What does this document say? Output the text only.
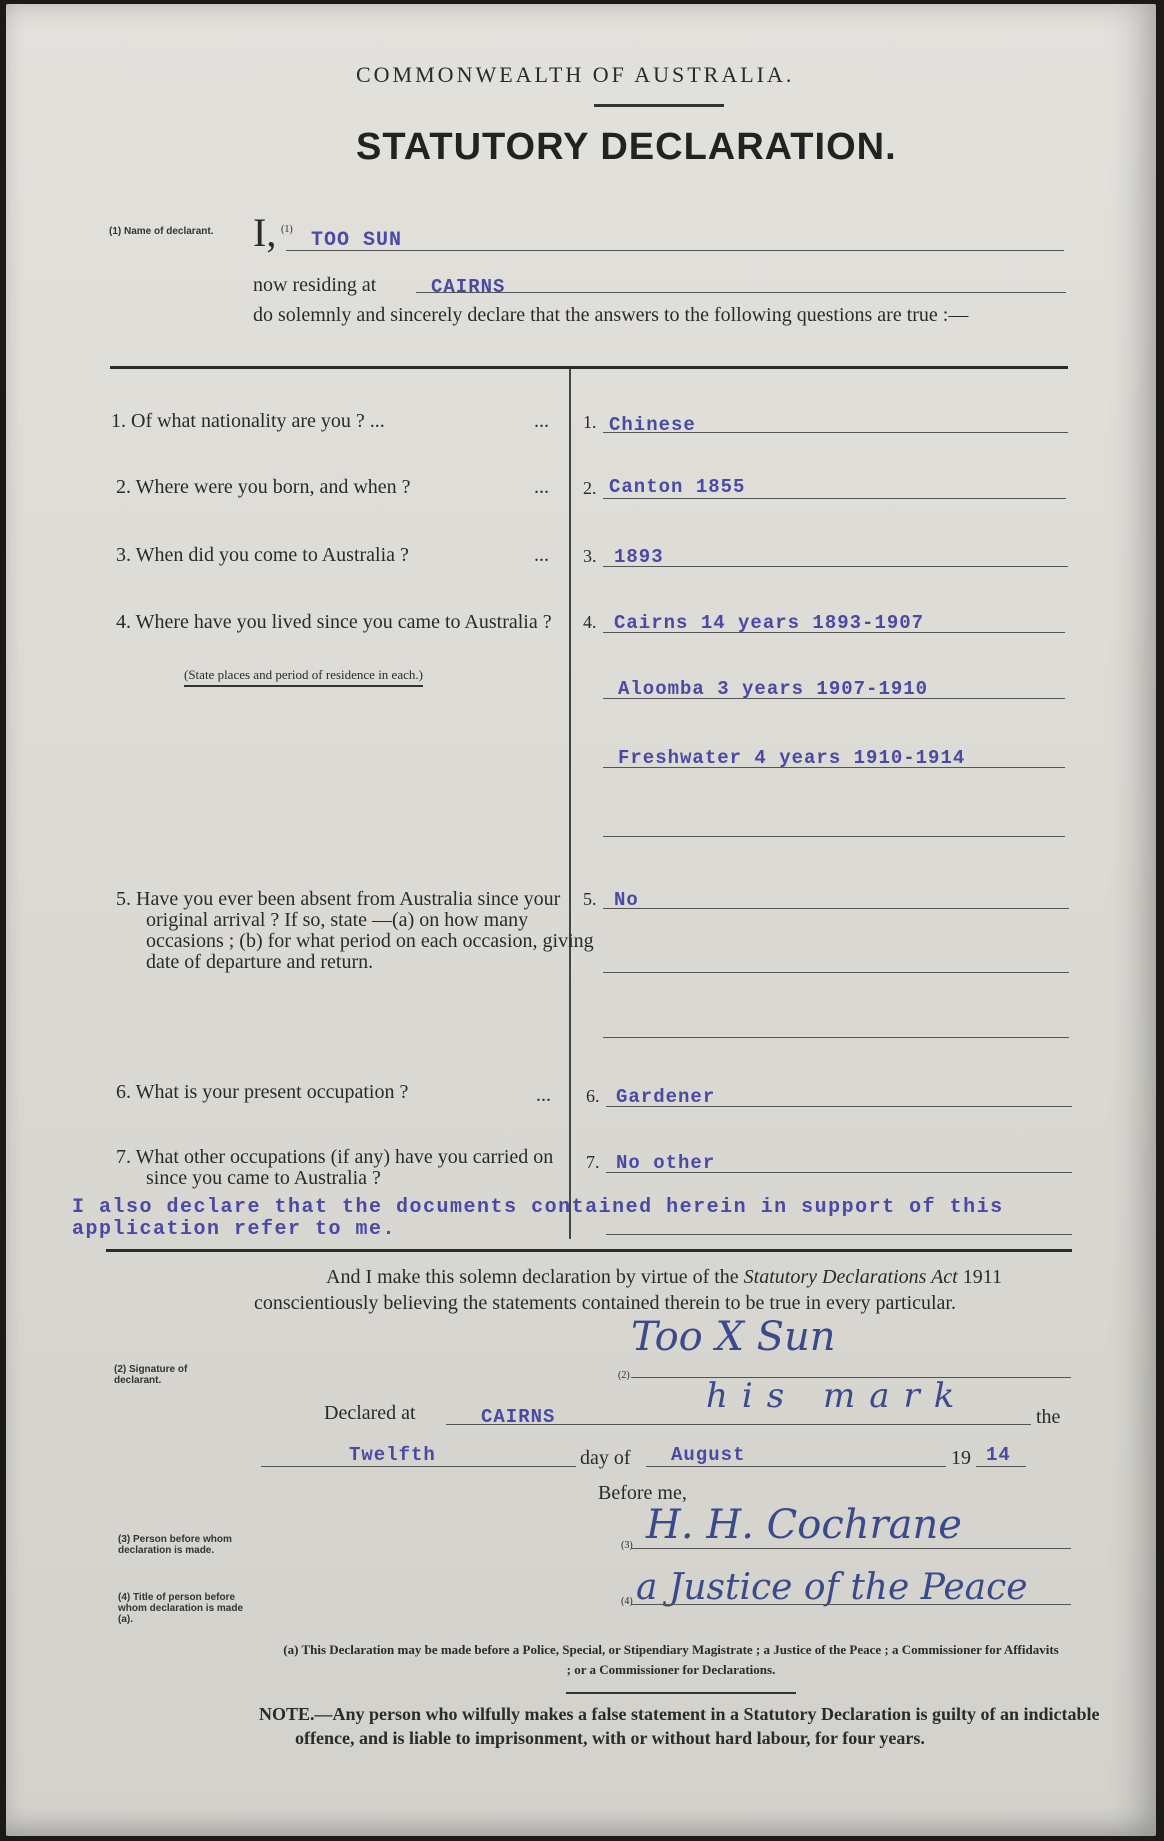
COMMONWEALTH OF AUSTRALIA.
STATUTORY DECLARATION.
(1) Name of declarant. I, (1) TOO SUN
now residing at	CAIRNS
do solemnly and sincerely declare that the answers to the following questions are true :—
1. Of what nationality are you ? ...	... 1. Chinese
2. Where were you born, and when ?	... 2. Canton 1855
3. When did you come to Australia ?	... 3. 1893
4. Where have you lived since you came to Australia ?
(State places and period of residence in each.)
4. Cairns 14 years 1893-1907
Aloomba 3 years 1907-1910
Freshwater 4 years 1910-1914
5. Have you ever been absent from Australia since your original arrival ? If so, state —(a) on how many occasions ; (b) for what period on each occasion, giving date of departure and return.
5. No
6. What is your present occupation ?	... 6. Gardener
7. What other occupations (if any) have you carried on since you came to Australia ?
7. No other
I also declare that the documents contained herein in support of this application refer to me.
And I make this solemn declaration by virtue of the Statutory Declarations Act 1911 conscientiously believing the statements contained therein to be true in every particular.
(2) Signature of declarant.
Too X Sun
(2)
his mark
Declared at	CAIRNS	the
Twelfth	day of August	19 14
Before me,
(3) Person before whom declaration is made.
H. H. Cochrane
(3)
(4) Title of person before whom declaration is made (a).
a Justice of the Peace
(4)
(a) This Declaration may be made before a Police, Special, or Stipendiary Magistrate ; a Justice of the Peace ; a Commissioner for Affidavits ; or a Commissioner for Declarations.
NOTE.—Any person who wilfully makes a false statement in a Statutory Declaration is guilty of an indictable offence, and is liable to imprisonment, with or without hard labour, for four years.
